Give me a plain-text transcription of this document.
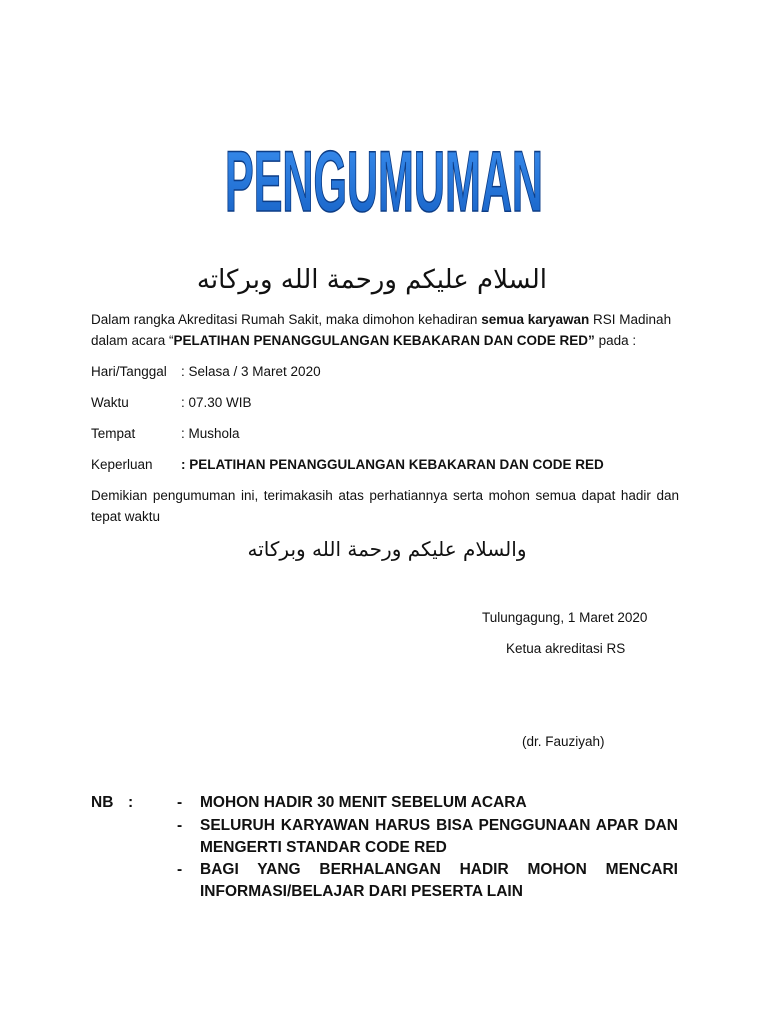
PENGUMUMAN
السلام عليكم ورحمة الله وبركاته
Dalam rangka Akreditasi Rumah Sakit, maka dimohon kehadiran semua karyawan RSI Madinah
dalam acara “PELATIHAN PENANGGULANGAN KEBAKARAN DAN CODE RED” pada :
Hari/Tanggal	: Selasa / 3 Maret 2020
Waktu	: 07.30 WIB
Tempat	: Mushola
Keperluan	: PELATIHAN PENANGGULANGAN KEBAKARAN DAN CODE RED
Demikian pengumuman ini, terimakasih atas perhatiannya serta mohon semua dapat hadir dan
tepat waktu
والسلام عليكم ورحمة الله وبركاته
Tulungagung, 1 Maret 2020
Ketua akreditasi RS
(dr. Fauziyah)
NB :	- MOHON HADIR 30 MENIT SEBELUM ACARA
- SELURUH KARYAWAN HARUS BISA PENGGUNAAN APAR DAN
MENGERTI STANDAR CODE RED
- BAGI YANG BERHALANGAN HADIR MOHON MENCARI
INFORMASI/BELAJAR DARI PESERTA LAIN
